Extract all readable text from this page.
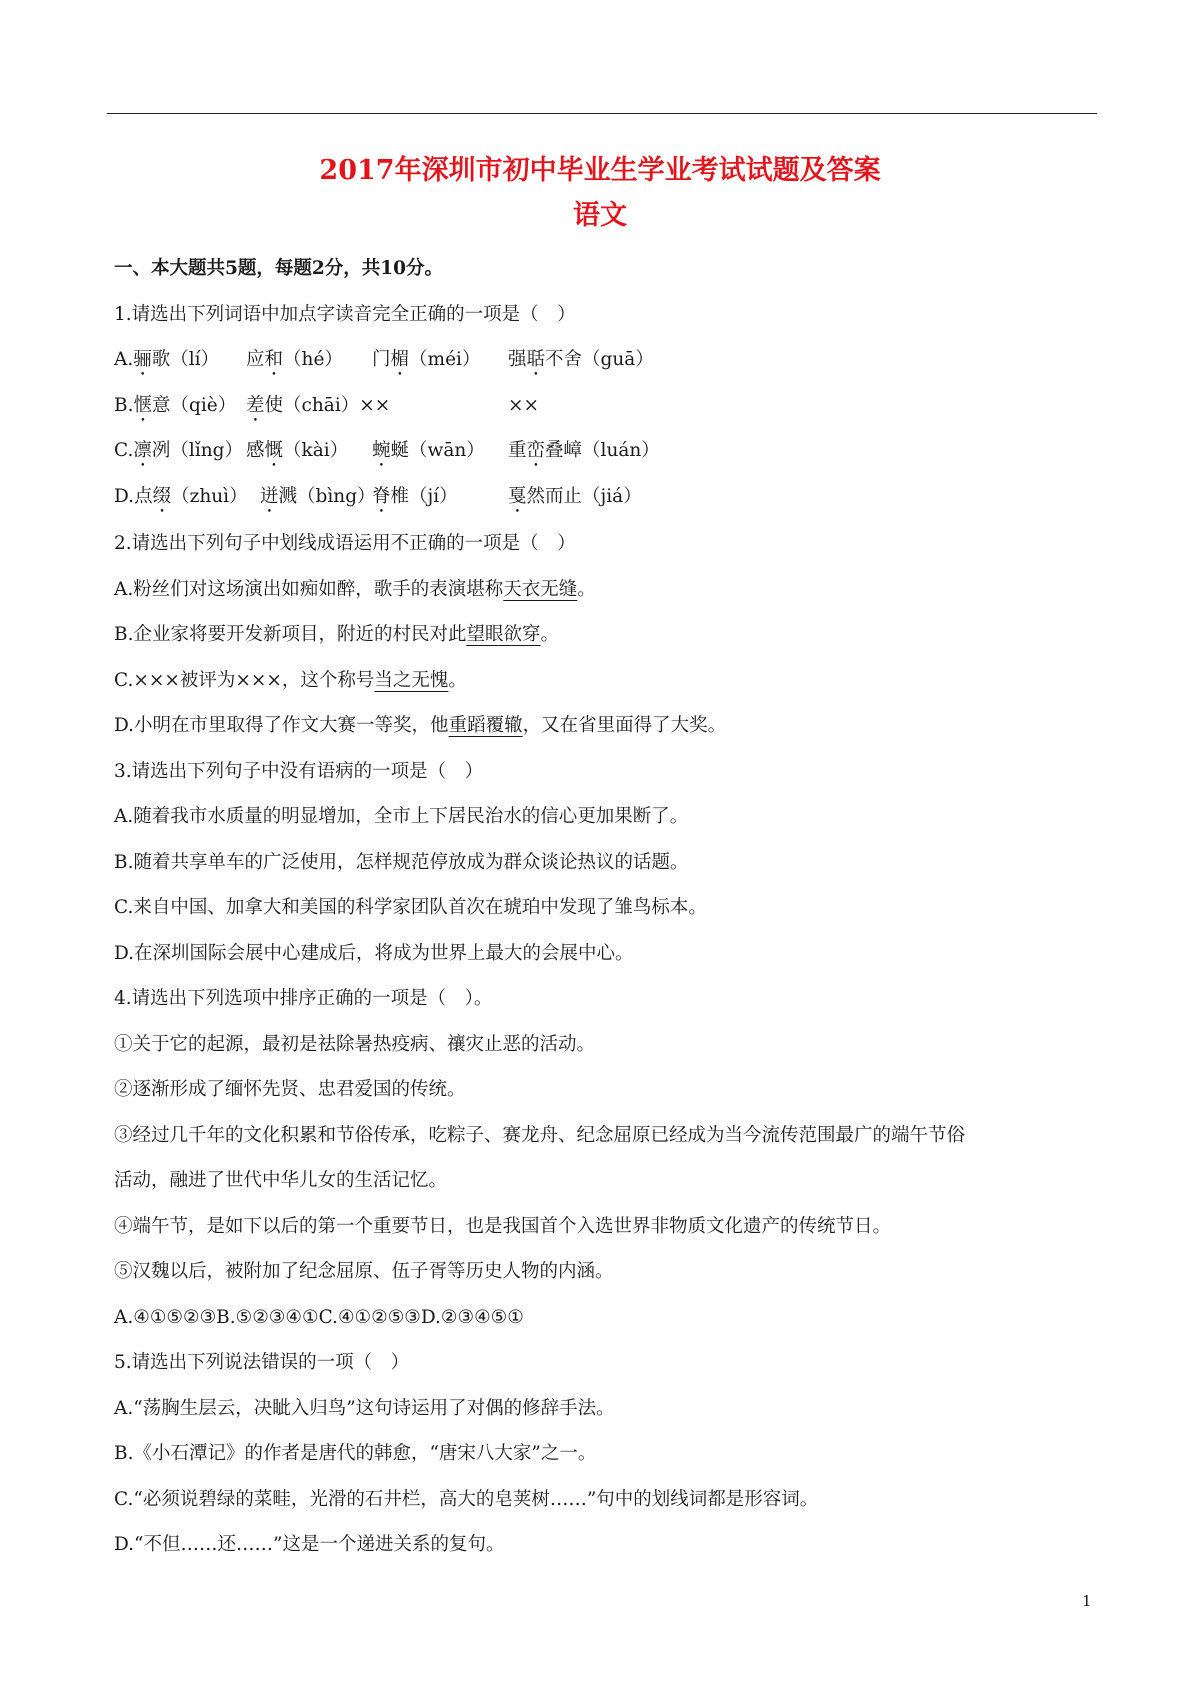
2017年深圳市初中毕业生学业考试试题及答案
语文
一、本大题共5题，每题2分，共10分。
1.请选出下列词语中加点字读音完全正确的一项是（　）
A.骊歌（lí） 应和（hé） 门楣（méi） 强聒不舍（guā）
B.惬意（qiè） 差使（chāi）××	××
C.凛冽（lǐng） 感慨（kài） 蜿蜒（wān） 重峦叠嶂（luán）
D.点缀（zhuì） 迸溅（bìng）脊椎（jí）	戛然而止（jiá）
2.请选出下列句子中划线成语运用不正确的一项是（　）
A.粉丝们对这场演出如痴如醉，歌手的表演堪称天衣无缝。
B.企业家将要开发新项目，附近的村民对此望眼欲穿。
C.×××被评为×××，这个称号当之无愧。
D.小明在市里取得了作文大赛一等奖，他重蹈覆辙，又在省里面得了大奖。
3.请选出下列句子中没有语病的一项是（　）
A.随着我市水质量的明显增加，全市上下居民治水的信心更加果断了。
B.随着共享单车的广泛使用，怎样规范停放成为群众谈论热议的话题。
C.来自中国、加拿大和美国的科学家团队首次在琥珀中发现了雏鸟标本。
D.在深圳国际会展中心建成后，将成为世界上最大的会展中心。
4.请选出下列选项中排序正确的一项是（　）。
①关于它的起源，最初是祛除暑热疫病、禳灾止恶的活动。
②逐渐形成了缅怀先贤、忠君爱国的传统。
③经过几千年的文化积累和节俗传承，吃粽子、赛龙舟、纪念屈原已经成为当今流传范围最广的端午节俗
活动，融进了世代中华儿女的生活记忆。
④端午节，是如下以后的第一个重要节日，也是我国首个入选世界非物质文化遗产的传统节日。
⑤汉魏以后，被附加了纪念屈原、伍子胥等历史人物的内涵。
A.④①⑤②③B.⑤②③④①C.④①②⑤③D.②③④⑤①
5.请选出下列说法错误的一项（　）
A.“荡胸生层云，决眦入归鸟”这句诗运用了对偶的修辞手法。
B.《小石潭记》的作者是唐代的韩愈，“唐宋八大家”之一。
C.“必须说碧绿的菜畦，光滑的石井栏，高大的皂荚树……”句中的划线词都是形容词。
D.“不但……还……”这是一个递进关系的复句。
1
